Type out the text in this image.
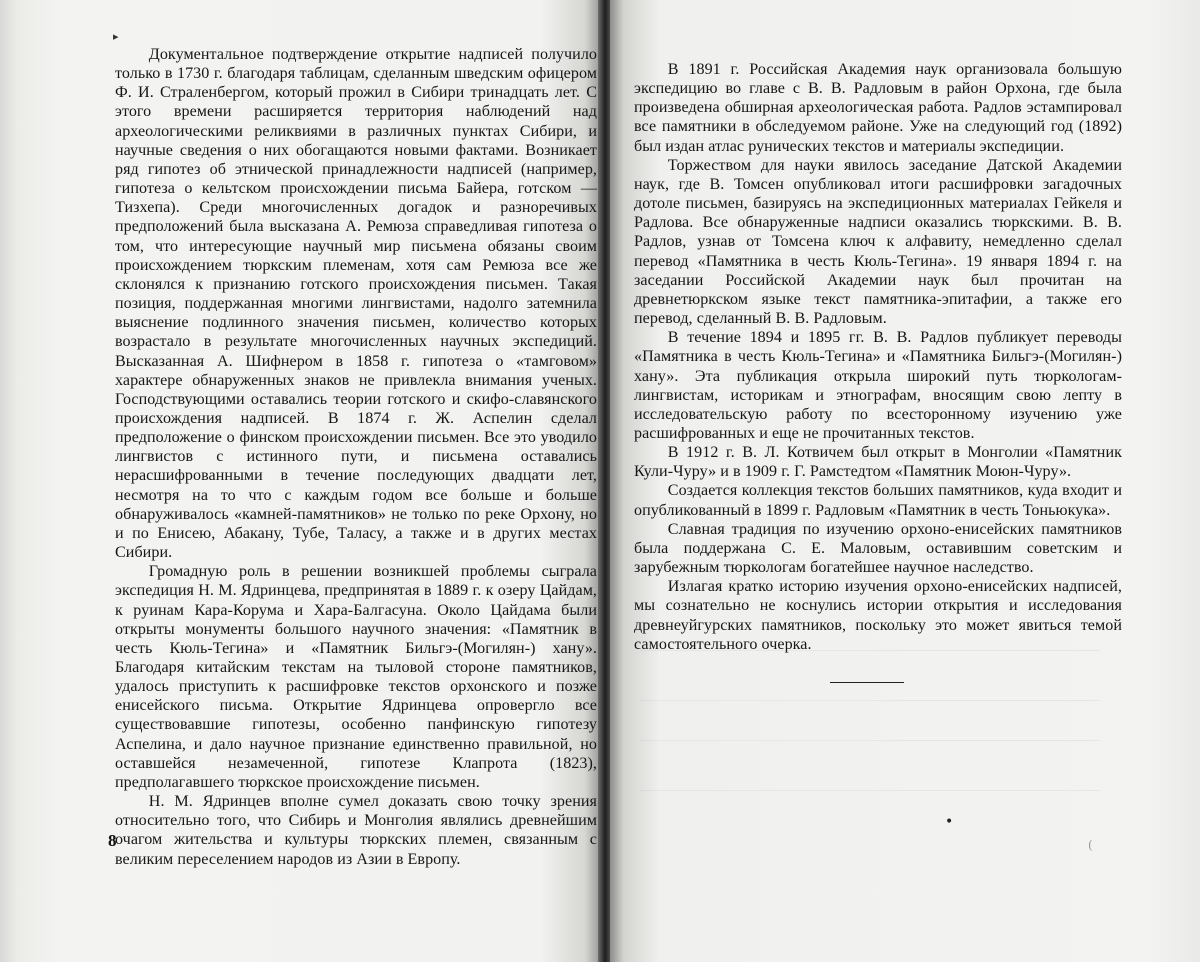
▸

Документальное подтверждение открытие надписей получило только в 1730 г. благодаря таблицам, сделанным шведским офицером Ф. И. Страленбергом, который прожил в Сибири тринадцать лет. С этого времени расширяется территория наблюдений над археологическими реликвиями в различных пунктах Сибири, и научные сведения о них обогащаются новыми фактами. Возникает ряд гипотез об этнической принадлежности надписей (например, гипотеза о кельтском происхождении письма Байера, готском — Тизхепа). Среди многочисленных догадок и разноречивых предположений была высказана А. Ремюза справедливая гипотеза о том, что интересующие научный мир письмена обязаны своим происхождением тюркским племенам, хотя сам Ремюза все же склонялся к признанию готского происхождения письмен. Такая позиция, поддержанная многими лингвистами, надолго затемнила выяснение подлинного значения письмен, количество которых возрастало в результате многочисленных научных экспедиций. Высказанная А. Шифнером в 1858 г. гипотеза о «тамговом» характере обнаруженных знаков не привлекла внимания ученых. Господствующими оставались теории готского и скифо-славянского происхождения надписей. В 1874 г. Ж. Аспелин сделал предположение о финском происхождении письмен. Все это уводило лингвистов с истинного пути, и письмена оставались нерасшифрованными в течение последующих двадцати лет, несмотря на то что с каждым годом все больше и больше обнаруживалось «камней-памятников» не только по реке Орхону, но и по Енисею, Абакану, Тубе, Таласу, а также и в других местах Сибири.

Громадную роль в решении возникшей проблемы сыграла экспедиция Н. М. Ядринцева, предпринятая в 1889 г. к озеру Цайдам, к руинам Кара-Корума и Хара-Балгасуна. Около Цайдама были открыты монументы большого научного значения: «Памятник в честь Кюль-Тегина» и «Памятник Бильгэ-(Могилян-) хану». Благодаря китайским текстам на тыловой стороне памятников, удалось приступить к расшифровке текстов орхонского и позже енисейского письма. Открытие Ядринцева опровергло все существовавшие гипотезы, особенно панфинскую гипотезу Аспелина, и дало научное признание единственно правильной, но оставшейся незамеченной, гипотезе Клапрота (1823), предполагавшего тюркское происхождение письмен.

Н. М. Ядринцев вполне сумел доказать свою точку зрения относительно того, что Сибирь и Монголия являлись древнейшим очагом жительства и культуры тюркских племен, связанным с великим переселением народов из Азии в Европу.

8

В 1891 г. Российская Академия наук организовала большую экспедицию во главе с В. В. Радловым в район Орхона, где была произведена обширная археологическая работа. Радлов эстампировал все памятники в обследуемом районе. Уже на следующий год (1892) был издан атлас рунических текстов и материалы экспедиции.

Торжеством для науки явилось заседание Датской Академии наук, где В. Томсен опубликовал итоги расшифровки загадочных дотоле письмен, базируясь на экспедиционных материалах Гейкеля и Радлова. Все обнаруженные надписи оказались тюркскими. В. В. Радлов, узнав от Томсена ключ к алфавиту, немедленно сделал перевод «Памятника в честь Кюль-Тегина». 19 января 1894 г. на заседании Российской Академии наук был прочитан на древнетюркском языке текст памятника-эпитафии, а также его перевод, сделанный В. В. Радловым.

В течение 1894 и 1895 гг. В. В. Радлов публикует переводы «Памятника в честь Кюль-Тегина» и «Памятника Бильгэ-(Могилян-) хану». Эта публикация открыла широкий путь тюркологам-лингвистам, историкам и этнографам, вносящим свою лепту в исследовательскую работу по всесторонному изучению уже расшифрованных и еще не прочитанных текстов.

В 1912 г. В. Л. Котвичем был открыт в Монголии «Памятник Кули-Чуру» и в 1909 г. Г. Рамстедтом «Памятник Моюн-Чуру».

Создается коллекция текстов больших памятников, куда входит и опубликованный в 1899 г. Радловым «Памятник в честь Тоньюкука».

Славная традиция по изучению орхоно-енисейских памятников была поддержана С. Е. Маловым, оставившим советским и зарубежным тюркологам богатейшее научное наследство.

Излагая кратко историю изучения орхоно-енисейских надписей, мы сознательно не коснулись истории открытия и исследования древнеуйгурских памятников, поскольку это может явиться темой самостоятельного очерка.

•
(
